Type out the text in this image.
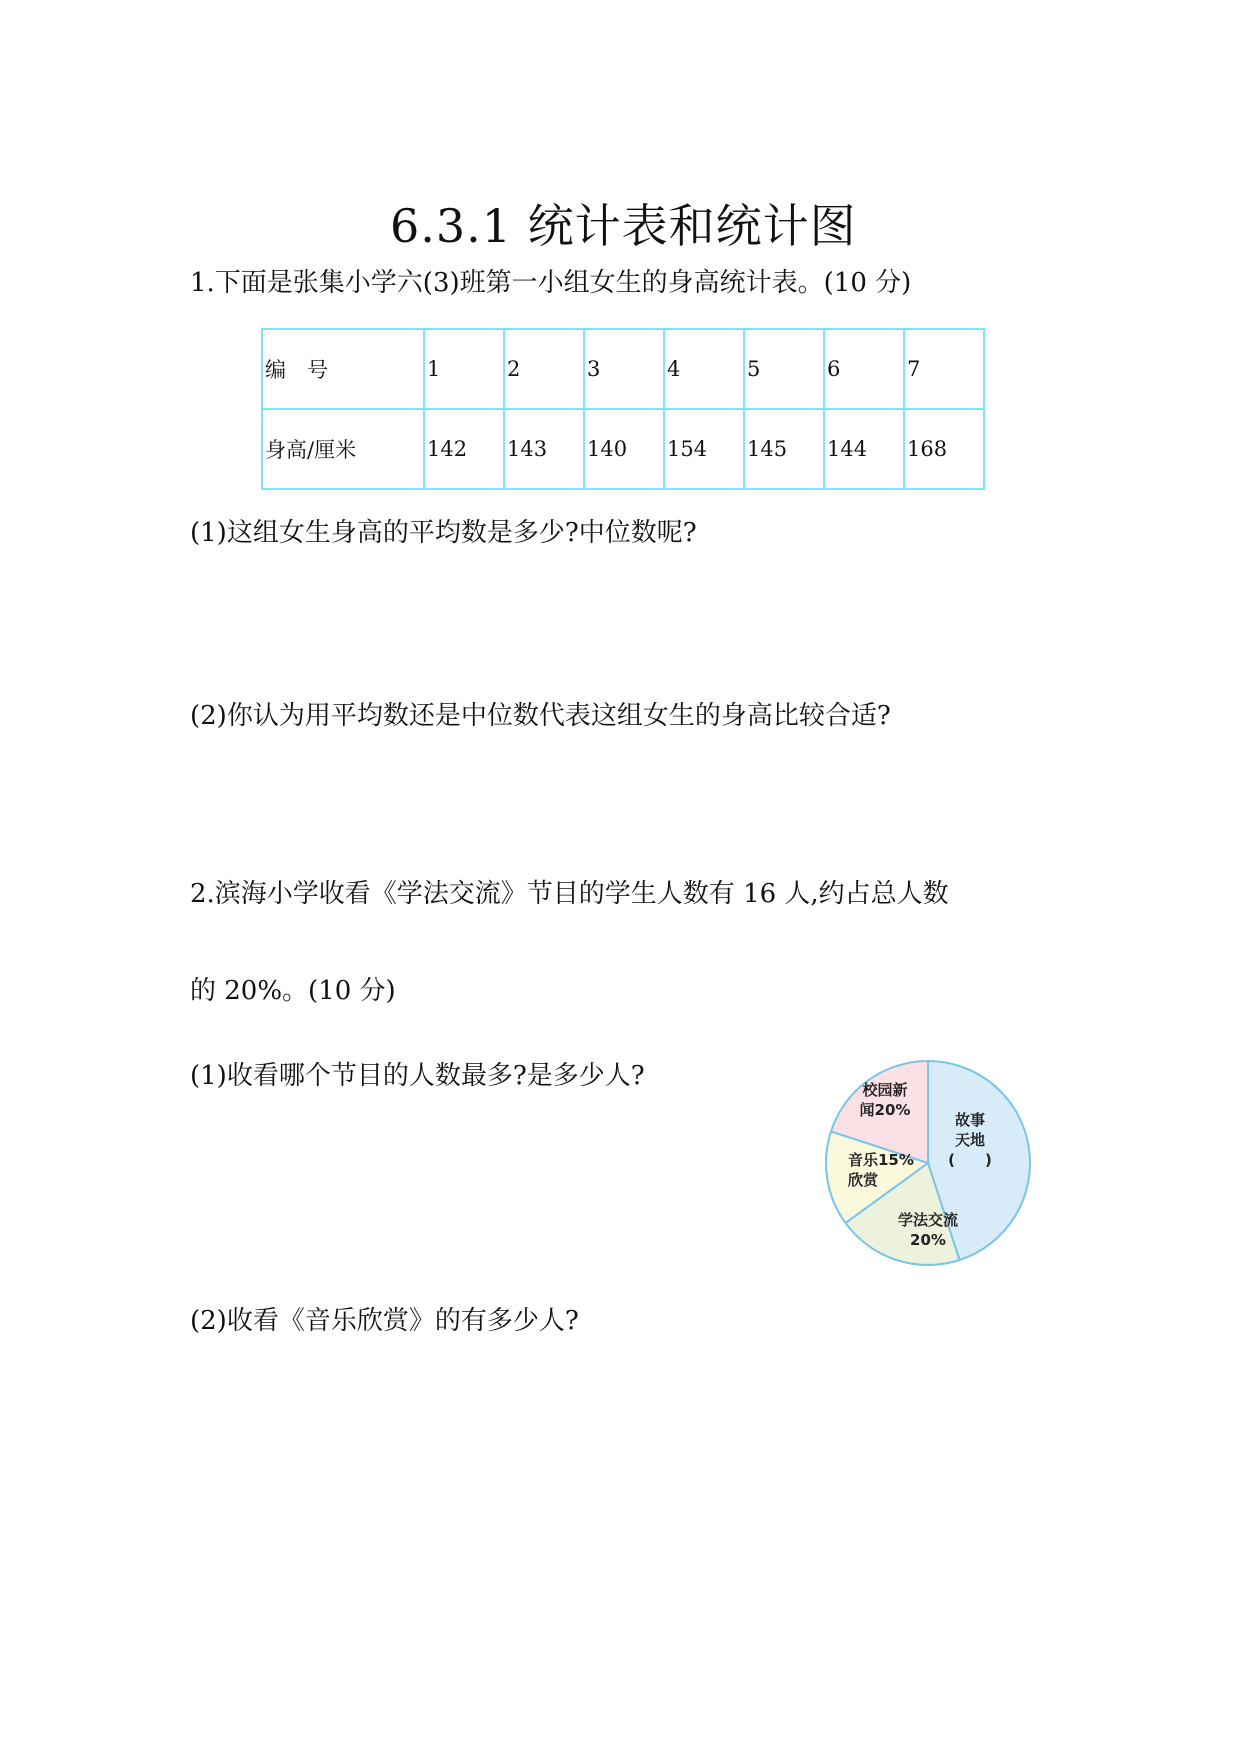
6.3.1 统计表和统计图
1.下面是张集小学六(3)班第一小组女生的身高统计表。(10 分)
编　号	1	2	3	4	5	6	7
身高/厘米	142	143	140	154	145	144	168
(1)这组女生身高的平均数是多少?中位数呢?
(2)你认为用平均数还是中位数代表这组女生的身高比较合适?
2.滨海小学收看《学法交流》节目的学生人数有 16 人,约占总人数
的 20%。(10 分)
(1)收看哪个节目的人数最多?是多少人?
(2)收看《音乐欣赏》的有多少人?
故事天地(　　)
学法交流 20%
音乐15%欣赏
校园新闻20%
